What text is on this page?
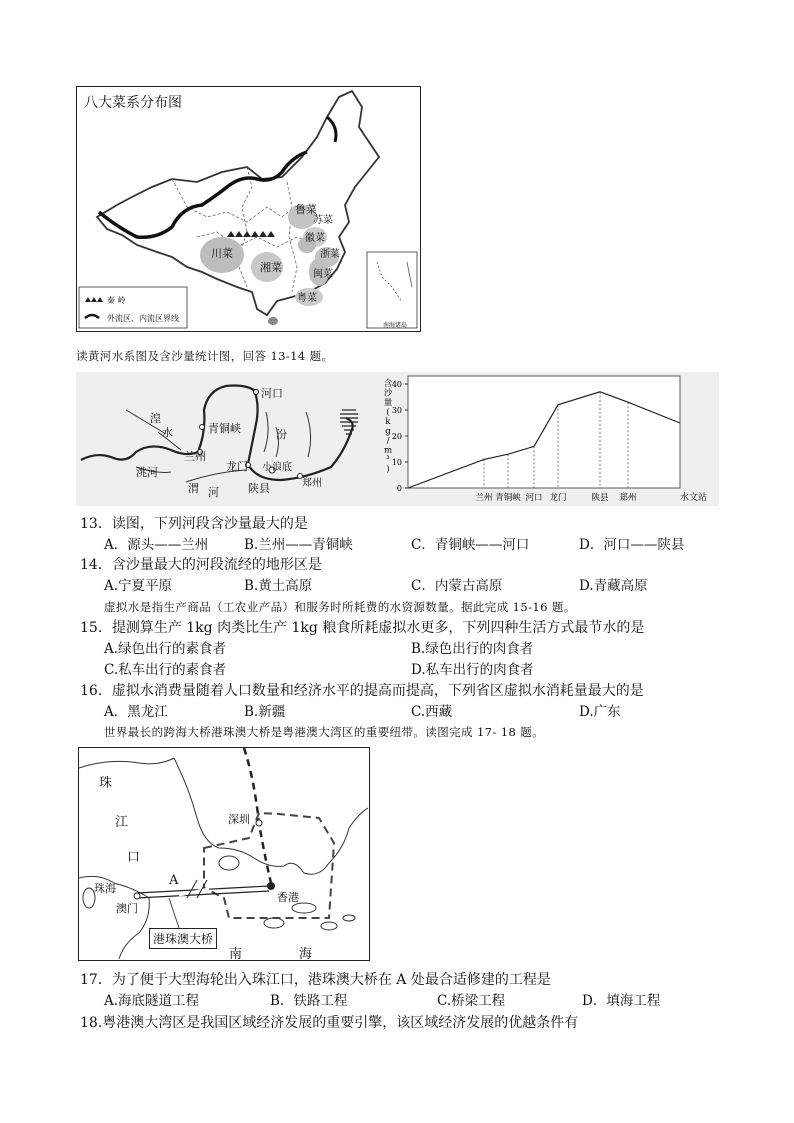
八大菜系分布图
鲁菜
苏菜
徽菜
浙菜
川菜
湘菜
闽菜
粤菜
秦 岭
外流区、内流区界线
南海诸岛
读黄河水系图及含沙量统计图，回答 13-14 题。
河口
青铜峡
湟
水
兰州
洮河
渭 河
龙门
汾
小浪底
陕县	郑州	0
10
20
30
40
兰州 青铜峡 河口 龙门	陕县 郑州
含
沙
量
(
k
g
/
m
³
)
水文站
13．读图，下列河段含沙量最大的是
A．源头——兰州	B.兰州——青铜峡	C．青铜峡——河口	D．河口——陕县
14．含沙量最大的河段流经的地形区是
A.宁夏平原	B.黄土高原	C．内蒙古高原	D.青藏高原
虚拟水是指生产商品（工农业产品）和服务时所耗费的水资源数量。据此完成 15-16 题。
15．提测算生产 1kg 肉类比生产 1kg 粮食所耗虚拟水更多，下列四种生活方式最节水的是
A.绿色出行的素食者	B.绿色出行的肉食者
C.私车出行的素食者	D.私车出行的肉食者
16．虚拟水消费量随着人口数量和经济水平的提高而提高，下列省区虚拟水消耗量最大的是
A．黑龙江	B.新疆	C.西藏	D.广东
世界最长的跨海大桥港珠澳大桥是粤港澳大湾区的重要纽带。读图完成 17- 18 题。
珠
江
口
A
深圳
珠海
澳门
香港
南	海
港珠澳大桥
17．为了便于大型海轮出入珠江口，港珠澳大桥在 A 处最合适修建的工程是
A.海底隧道工程	B．铁路工程	C.桥梁工程	D．填海工程
18.粤港澳大湾区是我国区域经济发展的重要引擎，该区域经济发展的优越条件有
